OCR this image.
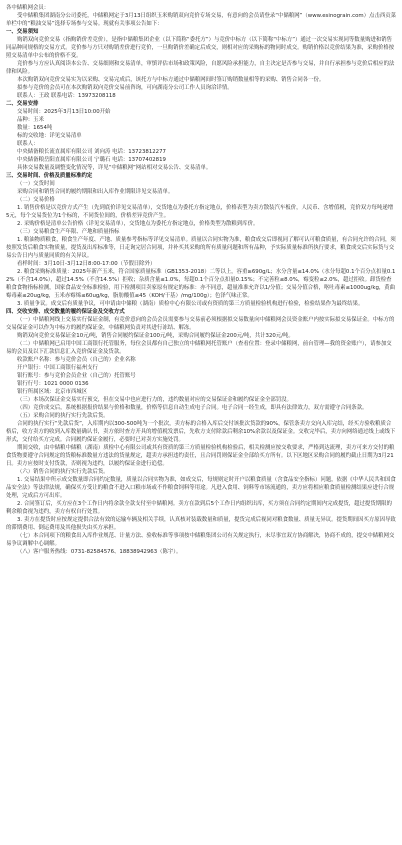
各中储粮网会员：

受中储粮集团湖南分公司委托，中储粮网定于3月13日组织玉米购销双向竞价专场交易，有意向的会员请登录“中储粮网”（www.esinograin.com）点击西贡菜单栏中的“粮油交易”选择专场参与交易。现就有关事项公告如下：

一、交易须知

购销双向竞价交易（指购销价差竞价），是指中储粮集团企业（以下简称“委托方”）与竞价中标方（以下简称“中标方”）通过一次交易实现同等数量购进和销售同品种同规格的交易方式。竞价参与方只对购销差价进行竞价，一旦购销价差确定后成交，则相对应的采购标的物同时成交。购销价格以竞价结果为准，采购价格按照交易清单中公布的价格不变。

竞价参与方应认真阅读本公告、交易细则和交易清单，审慎评估市场和政策风险，自愿风险承担能力，自主决定是否参与交易，并自行承担参与竞价后相应的法律和风险。

本次购销双向竞价交易实为以采购、交易完成后，该托方与中标方通过中储粮网间时签订购销数量相等的采购、销售合同各一份。

拟参与竞价的会员可在本次购销双向竞价交易前咨询，可向湖南分公司工作人员询洽详情。

联系人：王政 联系电话：13973208118

二、交易安排

交易时间：2025年3月13日10:00开始

品种：玉米

数量：1654吨

标的交收地：详见交易清单

联系人：

中央储备粮长流直属库有限公司 刘向涛 电话：13723812277

中央储备粮岳阳直属库有限公司 宁璐石 电话：13707402819

具体交易数量及调整变化情况等，详见“中储粮网”网站相对交易公告、交易清单。

三、交易时间、价格及质量标准约定

（一）交货时间

采购合同和销售合同的履约期限和出入库作业期限详见交易清单。

（二）交易价格

1. 销售价格是以竞价方式产生（先到底价详见交易清单），交货地点为委托方指定地点，价格表型为卖方散装汽车板价，人民币、含增值税，竞价双方每吨递增5元，每个交易货位为1个标的，不同货位间的，价格差异竞价产生。

2. 采购价格是清单公告价格（详见交易清单），交货地点为委托方指定地点，价格类型为散粮到库价。

（三）交易粮食生产年限、产地和质量指标

1. 粮油物质粮食，粮食生产年度、产地、质量参考指标等详见交易清单。质量以合同实物为准，粮食成交后即视同了解可认可粮食质量，有合同允许的合同，须按照发货后粮食实物质量，提货及出库标准等，日走询完居合同项，并补买其采购的所有质量问题和所有品种，予实际质量标准所执行要求，粮食成交后实际货与交易公告日内与质量同质的有关异议。

看样时间：3月10日-3月12日8:00-17:00（节假日除外）

2. 粮食采购标准质量：2025年新产玉米，符合国家质量标准（GB1353-2018）二等以上，容重≥690g/L；水分含量≤14.0%（水分每超0.1个百分点扣量0.12%（不含14.0%），超过14.5%（不含14.5%）拒收；杂质含量≤1.0%，每超0.1个百分点扣量0.15%；不完善粒≤8.0%，霉变粒≤2.0%，超过拒收。卸货检查粮食食物指标检测，国家食品安全标准检验，用下检测项目卖家原有规定的标准：亦不同意，超量准准允许以1/分值；交易分值合格，呕吐毒素≤1000ug/kg，黄曲霉毒素≤20ug/kg，玉米赤霉烯≤60ug/kg，脂肪酸值≤45（KOH/干基）/mg/100g）；色泽气味正常。

3. 质量争议。成交后有质量争议，可申请由中储粮（湖南）质检中心有限公司或有资质的第三方质量检验机构进行检验，检验结果作为最终结果。

四、交收安排、成交数量的履约保证金及交收方式

（一）中储粮网线上交易实行保证金制，有竞价意向的会员会员需要参与交易前必须根据拟交易数量向中储粮网会员资金账户内按实际拟交易保证金。中标方的交易保证金可以作为中标方的履约保证金，中储粮网负责对其进行冻结、解冻。

购销双向竞价交易保证金10元/吨，销售合同履约保证金100元/吨，采购合同履约保证金200元/吨，共计320元/吨。

（二）中储粮网已启用中国工商银行托管服务，每位会员都有自己独立的中储粮网托管账户（查看位置：登录中储粮网，前台管理—我的资金账户），请参加交易的会员及以下汇款信息汇入竞价保证金及货款。

收款账户名称：参与竞价会员（自己的）企业名称

开户银行：中国工商银行福州支行

银行账号：参与竞价会员企业（自己的）托管账号

银行行号：1021 0000 0136

银行所属区域：北京市西城区

（三）本场次保证金交易实行预交，但在交易中也应进行力的，违约数量对应的交易保证金和履约保证金全部罚没。

（四）竞价成交后，系统根据报价结果与价格和数量，价格等信息自动生成电子合同。电子合同一经生成，即具有法律效力，双方需遵守合同条款。

（五）采购合同的执行实行先款后货。

合同的执行实行“先款后货”，入库期内以300-500吨为一个批次，卖方标的合格入库后交付该批次货款的90%，保管条卖方交向入库完结，经买方验收粮质合格后，收方卖方的收到入库数量确认书，卖方依时查方开具的增值税发票后，先收方支付除款后剩余10%余款以及保证金。交收完毕后，卖方向网络通过线上或线下形式，交付给买方完成。合同履约保证金履行，必要时已对卖方实施处罚。

期间交收，由中储粮中储粮（湖南）质检中心有限公司或其有资质的第三方质量检验机构检验后，相关检测应按交收要求，严格到达流理，卖方可来方交付的粮食货物要遵守合同规定的货粮标准数量方违法的货量规定，超卖方承担违约责任，且合同罚则保证金全部给买方所有。以下区地区采购合同的履约截止日期为3月21日。卖方应按时支付货款，否则视为违约，以履约保证金进行追偿。

（六）销售合同的执行实行先款后货。

1. 交易结果中所示成交数量即合同约定数量，质量以合同实物为准，如成交后，每规则定时开户以粮食质量（含食品安全指标）问题，依据《中华人民共和国食品安全法》等法律法规，确保买方受让的粮食不进入口粮市场或不作粮食饲料等用途。凡进入食用、饲料等市场流通的，卖方应将相应粮食质量检测结果应进行合规处理，完成后方可出库。

2. 合同签订后，买方应在3个工作日内将余款全款支付至中储粮网。卖方在款到后5个工作日内组织出库，买方须在合同约定期间内完成提货，超过提货期限的剩余粮食视为违约，卖方有权自行处置。

3. 卖方在提货时应按规定提供合法有效的运输车辆及相关手续，认真核对装载数量和质量，提货完成后视同对粮食数量、质量无异议。提货期间因买方原因导致的滞期费用、倒运费用及其他损失由买方承担。

（七）本合同项下的粮食出入库作业规范、计量方法、验收标准等事项按中储粮集团公司有关规定执行，未尽事宜双方协商解决，协商不成的，提交中储粮网交易争议调解中心调解。

（八）客户服务热线：0731-82584576、18838942963（陈宇）。
